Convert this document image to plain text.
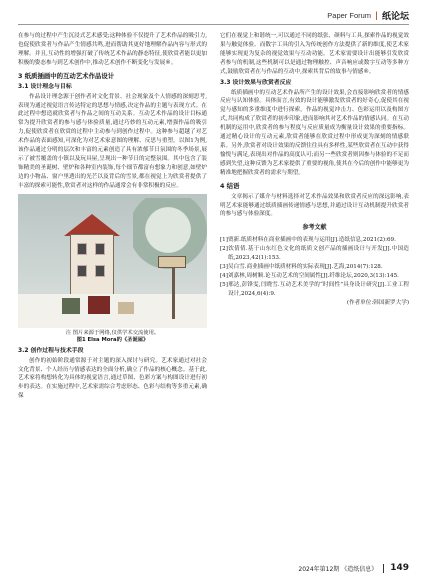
Paper Forum | 纸论坛

在参与的过程中产生沉浸式艺术感受;这种体验不仅提升了艺术作品的吸引力,也促使欣赏者与作品产生情感共鸣,进而帮助其更好地理解作品内容与形式的理解。并且,互动性的增强打破了传统艺术作品的静态特征,使欣赏者能以更加积极的姿态参与到艺术创作中,推动艺术创作不断变化与发展®。

3 纸质插画中的互动艺术作品设计
3.1 设计理念与目标

作品设计理念源于创作者对文化背景、社会现象及个人情感的深刻思考,表现为通过视觉语言传达特定的思想与情感,决定作品的主题与表现方式。在此过程中想造就欣赏者与作品之间的互动关系。互动艺术作品的设计目标通常为提升欣赏者的参与感与体验质量,通过巧妙的互动元素,增强作品的吸引力,促使欣赏者在欣赏的过程中主动参与到创作过程中。这种参与超越了对艺术作品的表面感知,可深化为对艺术家意图的理解、反思与重塑。以图1为例,该作品通过分明的层次和丰富的元素创造了具有浓郁节日氛围的冬季场景,展示了被雪覆盖的小镇以及玩具屋,呈现出一种节日的完整氛围。其中包含了装饰精美的圣诞树、壁炉和各种室内装饰,每个细节都富有想象力和创意,如壁炉边的小物品、窗户里透出的光芒以及背后的雪景,都在视觉上为欣赏者提供了丰富的探索可能性,欣赏者对这样的作品通常会有非常积极的反应。

注 图片来源于网络,仅供学术交流使用。

图1 Elsa Mora的《圣诞屋》

3.2 创作过程与技术手段

创作的初始阶段通常源于对主题的深入探讨与研究。艺术家通过对社会文化背景、个人经历与情感表达的全面分析,确立了作品的核心概念。基于此,艺术家将构想转化为具体的视觉语言,通过草图、色彩方案与构图设计进行初步的表达。在实施过程中,艺术家需综合考虑形态、色彩与结构等多重元素,确保

它们在视觉上和谐统一,可以通过不同的纸张、颜料与工具,探索作品的视觉效果与触觉体验。而数字工具的引入为传统创作方法提供了新的维度,使艺术家能够实现更为复杂的视觉效果与互动功能。艺术家需要设计出能够引发欣赏者参与的机制,这些机制可以是通过物理触控、声音响应或数字互动等多种方式,鼓励欣赏者在与作品的互动中,探索其背后的故事与情感®。

3.3 设计效果与欣赏者反应

纸质插画中的互动艺术作品所产生的设计效果,会直接影响欣赏者的情感反应与认知体验。具体而言,有效的设计能够激发欣赏者的好奇心,促使其在视觉与感知的多重维度中进行探索。作品的视觉冲击力、色彩运用以及构图方式,共同构成了欣赏者的初步印象,进而影响其对艺术作品的情感认同。在互动机制的运用中,欣赏者的参与程度与反应质量成为衡量设计效果的重要指标。通过精心设计的互动元素,欣赏者能够在欣赏过程中形成更为深刻的情感联系。另外,欣赏者对设计效果的反馈往往具有多样性,某些欣赏者在互动中获得愉悦与满足,表现出对作品的高度认可;而另一些欣赏者则因参与体验的不足而感到失望,这种反馈为艺术家提供了重要的视角,使其在今后的创作中能够更为精准地把握欣赏者的需求与期望。

4 结语

文章揭示了媒介与材料选择对艺术作品效果和欣赏者反应的深远影响,表明艺术家能够通过纸质插画传递情感与思想,并通过设计互动机制提升欣赏者的参与感与体验深度。

参考文献

[1]贾新.纸质材料在商业插画中的表现与运用[J].造纸信息,2021(2):69.

[2]饮倩倩.基于山东红色文化的纸质文创产品的插画设计与开发[J].中国造纸,2023,42(1):153.

[3]吴白雪.商业插画中纸质材料的实际表现[J].艺海,2014(7):128.

[4]刘嘉林,周树顺.论互动艺术的空间属性[J].纤维论坛,2020,3(13):145.

[5]邢达,彭锋雯,闫晓雪.互动艺术美学的“时间性”具身设计研究[J].工业工程设计,2024,6(4):9.

(作者单位:韩国新罗大学)

2024年第12期 《造纸信息》 149
